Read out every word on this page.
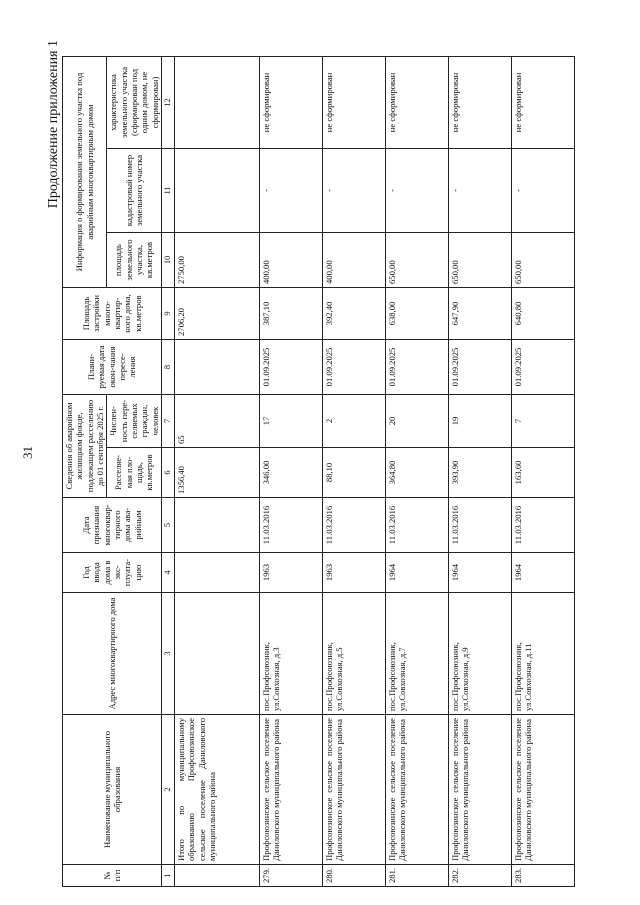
31
Продолжение приложения 1
№ п/п	Наименование муниципального образования	Адрес многоквартирного дома	Год ввода дома в экс-плуата-цию	Дата признания многоквар-тирного дома ава-рийным	Сведения об аварийном жилищном фонде, подлежащем расселению до 01 сентября 2025 г.		Плани-руемая дата окон-чания пересе-ления	Площадь застройки много-квартир-ного дома, кв.метров	Информация о формировании земельного участка под аварийным многоквартирным домом		
					Расселяе-мая пло-щадь, кв.метров	Числен-ность пере-селяемых граждан, человек			площадь земельного участка, кв.метров	кадастровый номер земельного участка	характеристика земельного участка (сформирован под одним домом, не сформирован)
1	2	3	4	5	6	7	8	9	10	11	12
	Итого по муниципальному образованию Профсоюзинское сельское поселение Даниловского муниципального района				1356,40	65		2706,20	2750,00		
279.	Профсоюзинское сельское поселение Даниловского муниципального района	пос.Профсоюзник, ул.Совхозная, д.3	1963	11.03.2016	346,00	17	01.09.2025	387,10	400,00	-	не сформирован
280.	Профсоюзинское сельское поселение Даниловского муниципального района	пос.Профсоюзник, ул.Совхозная, д.5	1963	11.03.2016	88,10	2	01.09.2025	392,40	400,00	-	не сформирован
281.	Профсоюзинское сельское поселение Даниловского муниципального района	пос.Профсоюзник, ул.Совхозная, д.7	1964	11.03.2016	364,80	20	01.09.2025	638,00	650,00	-	не сформирован
282.	Профсоюзинское сельское поселение Даниловского муниципального района	пос.Профсоюзник, ул.Совхозная, д.9	1964	11.03.2016	393,90	19	01.09.2025	647,90	650,00	-	не сформирован
283.	Профсоюзинское сельское поселение Даниловского муниципального района	пос.Профсоюзник, ул.Совхозная, д.11	1964	11.03.2016	163,60	7	01.09.2025	640,80	650,00	-	не сформирован
